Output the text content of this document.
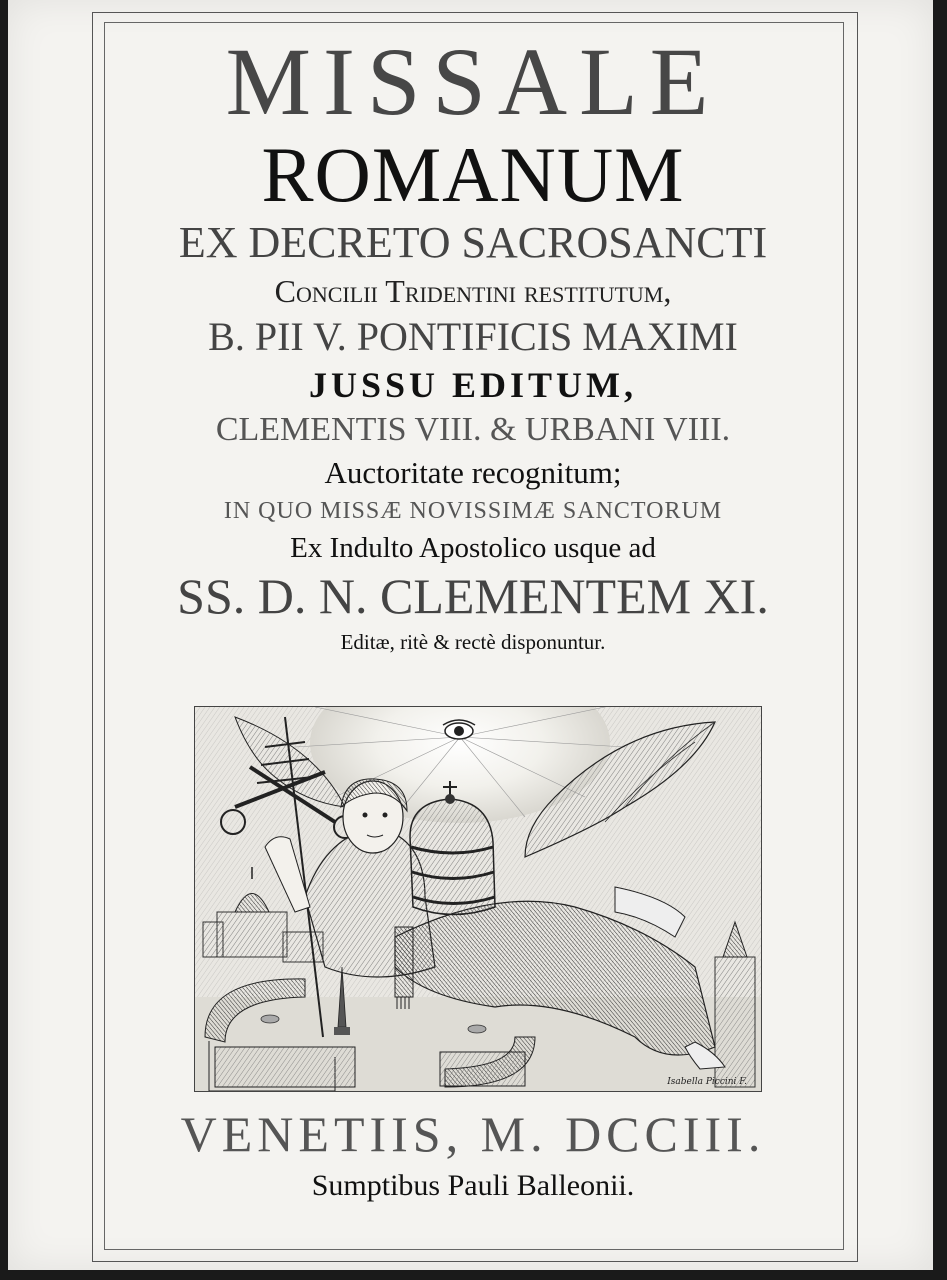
MISSALE

ROMANUM

EX DECRETO SACROSANCTI

Concilii Tridentini restitutum,

B. PII V. PONTIFICIS MAXIMI

JUSSU EDITUM,

CLEMENTIS VIII. & URBANI VIII.

Auctoritate recognitum;

IN QUO MISSÆ NOVISSIMÆ SANCTORUM

Ex Indulto Apostolico usque ad

SS. D. N. CLEMENTEM XI.

Editæ, ritè & rectè disponuntur.

Isabella Piccini F.

VENETIIS, M. DCCIII.

Sumptibus Pauli Balleonii.
